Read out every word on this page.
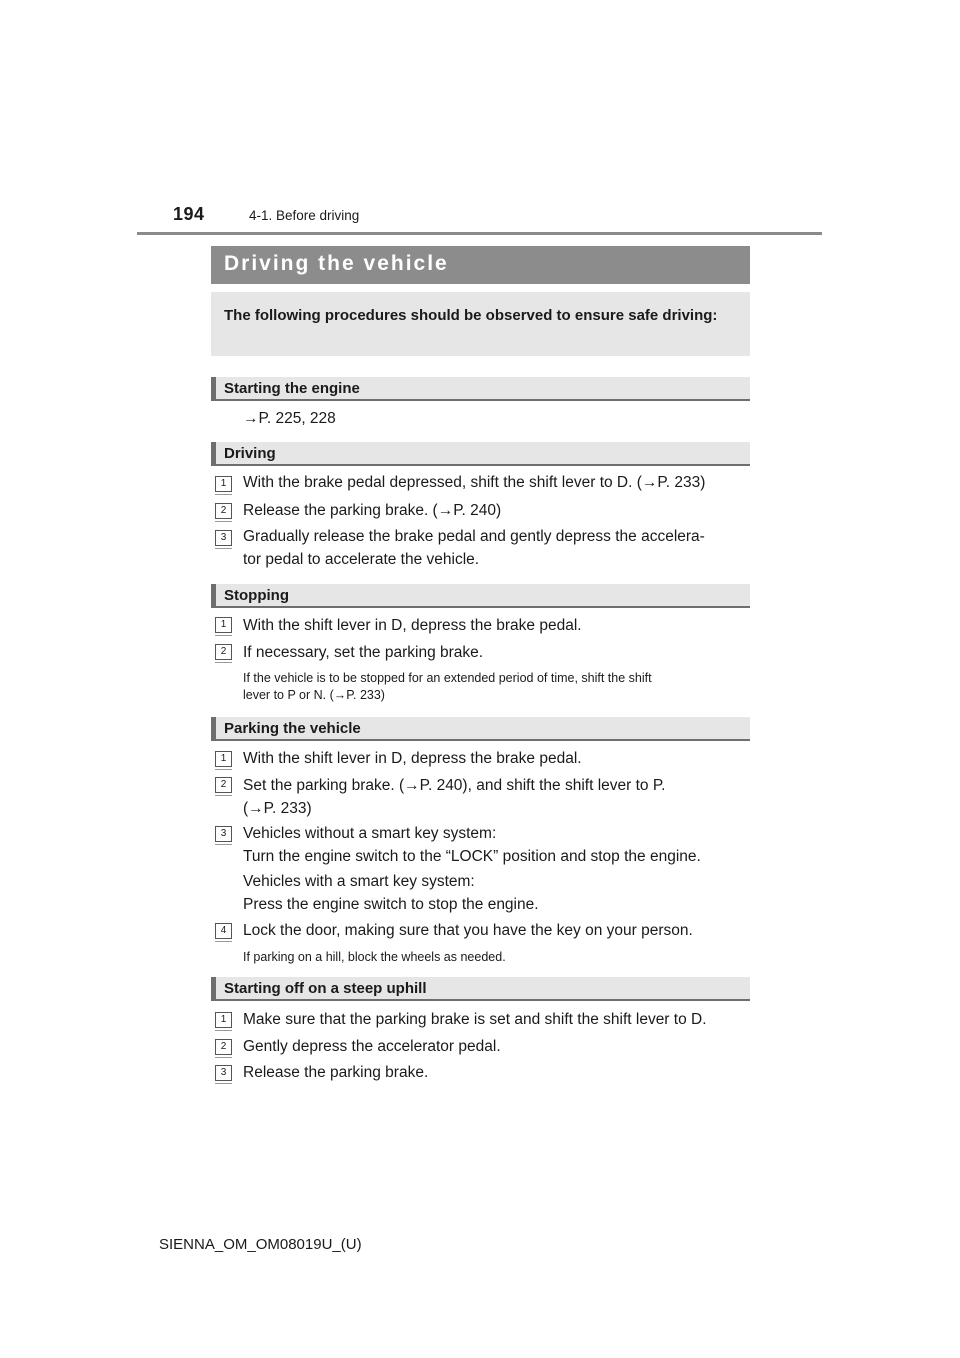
194	4-1. Before driving
Driving the vehicle
The following procedures should be observed to ensure safe driving:
Starting the engine
→P. 225, 228
Driving
1	With the brake pedal depressed, shift the shift lever to D. (→P. 233)
2	Release the parking brake. (→P. 240)
3	Gradually release the brake pedal and gently depress the accelera-
tor pedal to accelerate the vehicle.
Stopping
1	With the shift lever in D, depress the brake pedal.
2	If necessary, set the parking brake.
If the vehicle is to be stopped for an extended period of time, shift the shift
lever to P or N. (→P. 233)
Parking the vehicle
1	With the shift lever in D, depress the brake pedal.
2	Set the parking brake. (→P. 240), and shift the shift lever to P.
(→P. 233)
3	Vehicles without a smart key system:
Turn the engine switch to the “LOCK” position and stop the engine.
Vehicles with a smart key system:
Press the engine switch to stop the engine.
4	Lock the door, making sure that you have the key on your person.
If parking on a hill, block the wheels as needed.
Starting off on a steep uphill
1	Make sure that the parking brake is set and shift the shift lever to D.
2	Gently depress the accelerator pedal.
3	Release the parking brake.
SIENNA_OM_OM08019U_(U)
